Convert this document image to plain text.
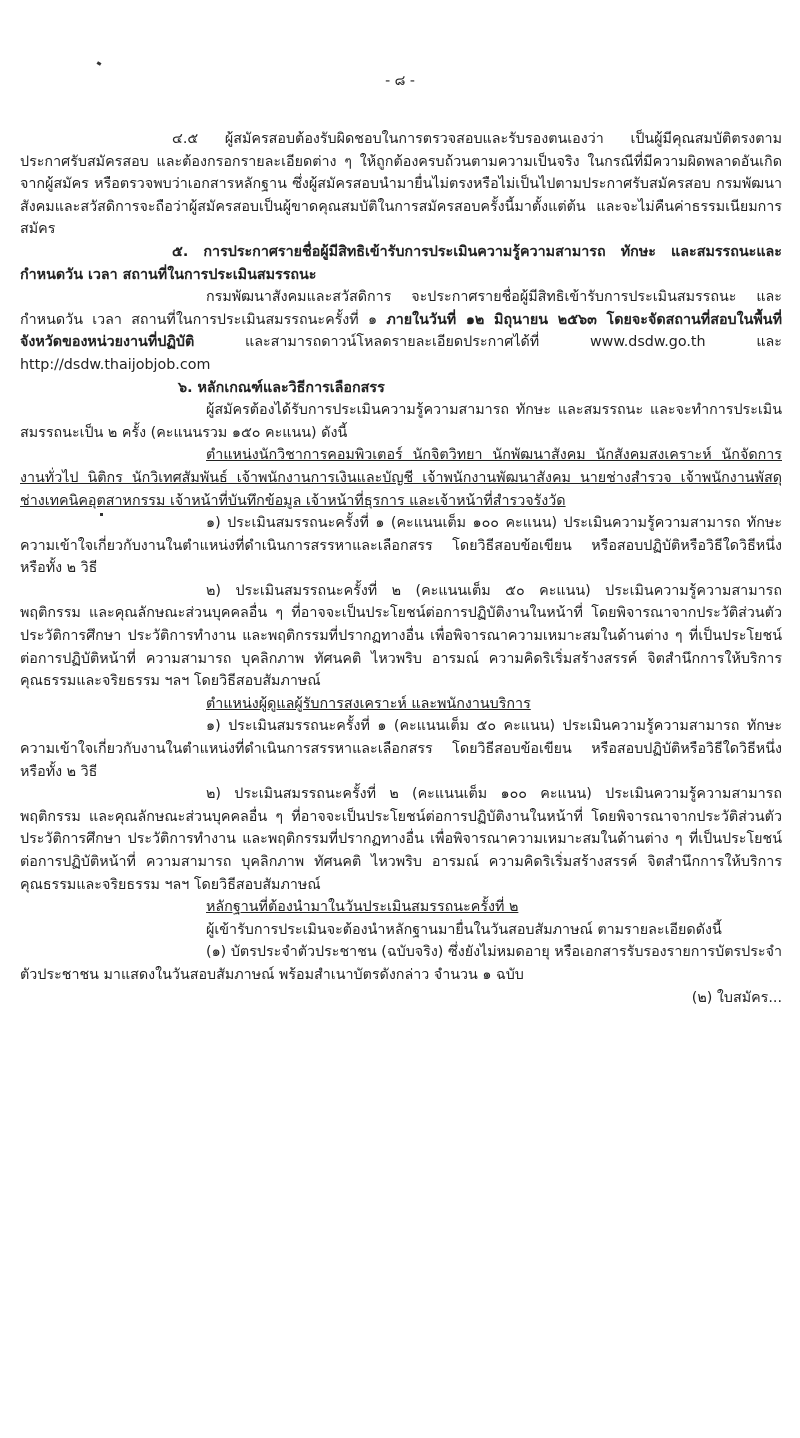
- ๘ -

๔.๕ ผู้สมัครสอบต้องรับผิดชอบในการตรวจสอบและรับรองตนเองว่า เป็นผู้มีคุณสมบัติตรงตามประกาศรับสมัครสอบ และต้องกรอกรายละเอียดต่าง ๆ ให้ถูกต้องครบถ้วนตามความเป็นจริง ในกรณีที่มีความผิดพลาดอันเกิดจากผู้สมัคร หรือตรวจพบว่าเอกสารหลักฐาน ซึ่งผู้สมัครสอบนำมายื่นไม่ตรงหรือไม่เป็นไปตามประกาศรับสมัครสอบ กรมพัฒนาสังคมและสวัสดิการจะถือว่าผู้สมัครสอบเป็นผู้ขาดคุณสมบัติในการสมัครสอบครั้งนี้มาตั้งแต่ต้น และจะไม่คืนค่าธรรมเนียมการสมัคร

๕. การประกาศรายชื่อผู้มีสิทธิเข้ารับการประเมินความรู้ความสามารถ ทักษะ และสมรรถนะและกำหนดวัน เวลา สถานที่ในการประเมินสมรรถนะ

กรมพัฒนาสังคมและสวัสดิการ จะประกาศรายชื่อผู้มีสิทธิเข้ารับการประเมินสมรรถนะ และกำหนดวัน เวลา สถานที่ในการประเมินสมรรถนะครั้งที่ ๑ ภายในวันที่ ๑๒ มิถุนายน ๒๕๖๓ โดยจะจัดสถานที่สอบในพื้นที่จังหวัดของหน่วยงานที่ปฏิบัติ และสามารถดาวน์โหลดรายละเอียดประกาศได้ที่ www.dsdw.go.th และ http://dsdw.thaijobjob.com

๖. หลักเกณฑ์และวิธีการเลือกสรร

ผู้สมัครต้องได้รับการประเมินความรู้ความสามารถ ทักษะ และสมรรถนะ และจะทำการประเมินสมรรถนะเป็น ๒ ครั้ง (คะแนนรวม ๑๕๐ คะแนน) ดังนี้

ตำแหน่งนักวิชาการคอมพิวเตอร์ นักจิตวิทยา นักพัฒนาสังคม นักสังคมสงเคราะห์ นักจัดการงานทั่วไป นิติกร นักวิเทศสัมพันธ์ เจ้าพนักงานการเงินและบัญชี เจ้าพนักงานพัฒนาสังคม นายช่างสำรวจ เจ้าพนักงานพัสดุ ช่างเทคนิคอุตสาหกรรม เจ้าหน้าที่บันทึกข้อมูล เจ้าหน้าที่ธุรการ และเจ้าหน้าที่สำรวจรังวัด

๑) ประเมินสมรรถนะครั้งที่ ๑ (คะแนนเต็ม ๑๐๐ คะแนน) ประเมินความรู้ความสามารถ ทักษะ ความเข้าใจเกี่ยวกับงานในตำแหน่งที่ดำเนินการสรรหาและเลือกสรร โดยวิธีสอบข้อเขียน หรือสอบปฏิบัติหรือวิธีใดวิธีหนึ่ง หรือทั้ง ๒ วิธี

๒) ประเมินสมรรถนะครั้งที่ ๒ (คะแนนเต็ม ๕๐ คะแนน) ประเมินความรู้ความสามารถ พฤติกรรม และคุณลักษณะส่วนบุคคลอื่น ๆ ที่อาจจะเป็นประโยชน์ต่อการปฏิบัติงานในหน้าที่ โดยพิจารณาจากประวัติส่วนตัว ประวัติการศึกษา ประวัติการทำงาน และพฤติกรรมที่ปรากฏทางอื่น เพื่อพิจารณาความเหมาะสมในด้านต่าง ๆ ที่เป็นประโยชน์ต่อการปฏิบัติหน้าที่ ความสามารถ บุคลิกภาพ ทัศนคติ ไหวพริบ อารมณ์ ความคิดริเริ่มสร้างสรรค์ จิตสำนึกการให้บริการ คุณธรรมและจริยธรรม ฯลฯ โดยวิธีสอบสัมภาษณ์

ตำแหน่งผู้ดูแลผู้รับการสงเคราะห์ และพนักงานบริการ

๑) ประเมินสมรรถนะครั้งที่ ๑ (คะแนนเต็ม ๕๐ คะแนน) ประเมินความรู้ความสามารถ ทักษะ ความเข้าใจเกี่ยวกับงานในตำแหน่งที่ดำเนินการสรรหาและเลือกสรร โดยวิธีสอบข้อเขียน หรือสอบปฏิบัติหรือวิธีใดวิธีหนึ่ง หรือทั้ง ๒ วิธี

๒) ประเมินสมรรถนะครั้งที่ ๒ (คะแนนเต็ม ๑๐๐ คะแนน) ประเมินความรู้ความสามารถ พฤติกรรม และคุณลักษณะส่วนบุคคลอื่น ๆ ที่อาจจะเป็นประโยชน์ต่อการปฏิบัติงานในหน้าที่ โดยพิจารณาจากประวัติส่วนตัว ประวัติการศึกษา ประวัติการทำงาน และพฤติกรรมที่ปรากฏทางอื่น เพื่อพิจารณาความเหมาะสมในด้านต่าง ๆ ที่เป็นประโยชน์ต่อการปฏิบัติหน้าที่ ความสามารถ บุคลิกภาพ ทัศนคติ ไหวพริบ อารมณ์ ความคิดริเริ่มสร้างสรรค์ จิตสำนึกการให้บริการ คุณธรรมและจริยธรรม ฯลฯ โดยวิธีสอบสัมภาษณ์

หลักฐานที่ต้องนำมาในวันประเมินสมรรถนะครั้งที่ ๒

ผู้เข้ารับการประเมินจะต้องนำหลักฐานมายื่นในวันสอบสัมภาษณ์ ตามรายละเอียดดังนี้

(๑) บัตรประจำตัวประชาชน (ฉบับจริง) ซึ่งยังไม่หมดอายุ หรือเอกสารรับรองรายการบัตรประจำตัวประชาชน มาแสดงในวันสอบสัมภาษณ์ พร้อมสำเนาบัตรดังกล่าว จำนวน ๑ ฉบับ

(๒) ใบสมัคร...
